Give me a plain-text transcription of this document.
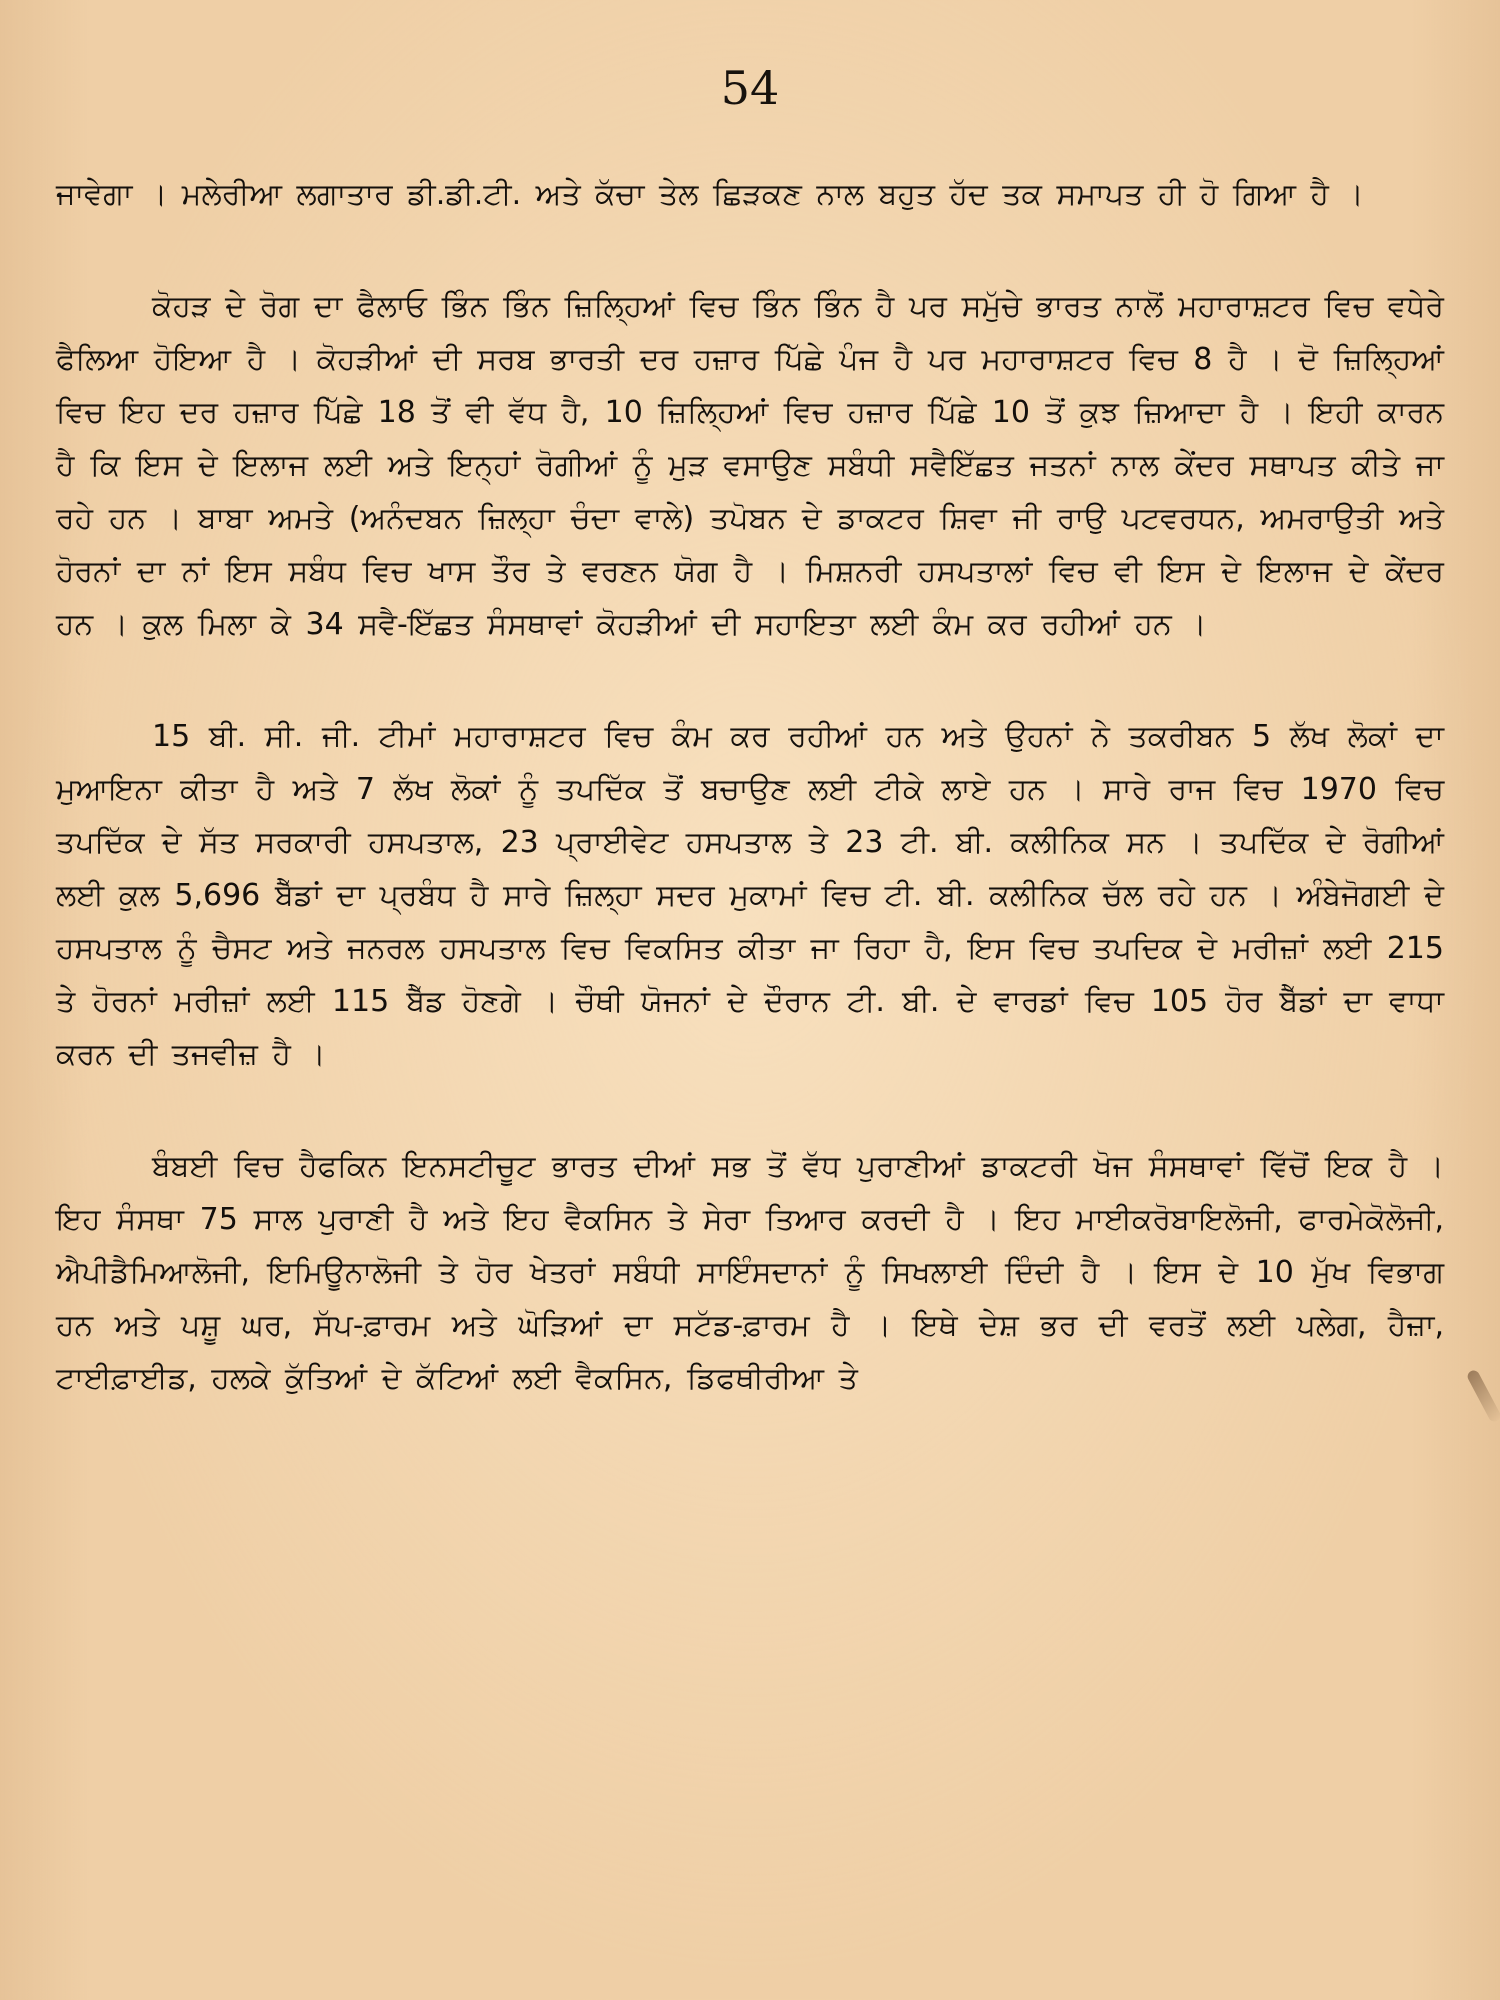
54

ਜਾਵੇਗਾ । ਮਲੇਰੀਆ ਲਗਾਤਾਰ ਡੀ.ਡੀ.ਟੀ. ਅਤੇ ਕੱਚਾ ਤੇਲ ਛਿੜਕਣ ਨਾਲ ਬਹੁਤ ਹੱਦ ਤਕ ਸਮਾਪਤ ਹੀ ਹੋ ਗਿਆ ਹੈ ।

ਕੋਹੜ ਦੇ ਰੋਗ ਦਾ ਫੈਲਾਓ ਭਿੰਨ ਭਿੰਨ ਜ਼ਿਲ੍ਹਿਆਂ ਵਿਚ ਭਿੰਨ ਭਿੰਨ ਹੈ ਪਰ ਸਮੁੱਚੇ ਭਾਰਤ ਨਾਲੋਂ ਮਹਾਰਾਸ਼ਟਰ ਵਿਚ ਵਧੇਰੇ ਫੈਲਿਆ ਹੋਇਆ ਹੈ । ਕੋਹੜੀਆਂ ਦੀ ਸਰਬ ਭਾਰਤੀ ਦਰ ਹਜ਼ਾਰ ਪਿੱਛੇ ਪੰਜ ਹੈ ਪਰ ਮਹਾਰਾਸ਼ਟਰ ਵਿਚ 8 ਹੈ । ਦੋ ਜ਼ਿਲ੍ਹਿਆਂ ਵਿਚ ਇਹ ਦਰ ਹਜ਼ਾਰ ਪਿੱਛੇ 18 ਤੋਂ ਵੀ ਵੱਧ ਹੈ, 10 ਜ਼ਿਲ੍ਹਿਆਂ ਵਿਚ ਹਜ਼ਾਰ ਪਿੱਛੇ 10 ਤੋਂ ਕੁਝ ਜ਼ਿਆਦਾ ਹੈ । ਇਹੀ ਕਾਰਨ ਹੈ ਕਿ ਇਸ ਦੇ ਇਲਾਜ ਲਈ ਅਤੇ ਇਨ੍ਹਾਂ ਰੋਗੀਆਂ ਨੂੰ ਮੁੜ ਵਸਾਉਣ ਸਬੰਧੀ ਸਵੈਇੱਛਤ ਜਤਨਾਂ ਨਾਲ ਕੇਂਦਰ ਸਥਾਪਤ ਕੀਤੇ ਜਾ ਰਹੇ ਹਨ । ਬਾਬਾ ਅਮਤੇ (ਅਨੰਦਬਨ ਜ਼ਿਲ੍ਹਾ ਚੰਦਾ ਵਾਲੇ) ਤਪੋਬਨ ਦੇ ਡਾਕਟਰ ਸ਼ਿਵਾ ਜੀ ਰਾਉ ਪਟਵਰਧਨ, ਅਮਰਾਉਤੀ ਅਤੇ ਹੋਰਨਾਂ ਦਾ ਨਾਂ ਇਸ ਸਬੰਧ ਵਿਚ ਖਾਸ ਤੌਰ ਤੇ ਵਰਣਨ ਯੋਗ ਹੈ । ਮਿਸ਼ਨਰੀ ਹਸਪਤਾਲਾਂ ਵਿਚ ਵੀ ਇਸ ਦੇ ਇਲਾਜ ਦੇ ਕੇਂਦਰ ਹਨ । ਕੁਲ ਮਿਲਾ ਕੇ 34 ਸਵੈ-ਇੱਛਤ ਸੰਸਥਾਵਾਂ ਕੋਹੜੀਆਂ ਦੀ ਸਹਾਇਤਾ ਲਈ ਕੰਮ ਕਰ ਰਹੀਆਂ ਹਨ ।

15 ਬੀ. ਸੀ. ਜੀ. ਟੀਮਾਂ ਮਹਾਰਾਸ਼ਟਰ ਵਿਚ ਕੰਮ ਕਰ ਰਹੀਆਂ ਹਨ ਅਤੇ ਉਹਨਾਂ ਨੇ ਤਕਰੀਬਨ 5 ਲੱਖ ਲੋਕਾਂ ਦਾ ਮੁਆਇਨਾ ਕੀਤਾ ਹੈ ਅਤੇ 7 ਲੱਖ ਲੋਕਾਂ ਨੂੰ ਤਪਦਿੱਕ ਤੋਂ ਬਚਾਉਣ ਲਈ ਟੀਕੇ ਲਾਏ ਹਨ । ਸਾਰੇ ਰਾਜ ਵਿਚ 1970 ਵਿਚ ਤਪਦਿੱਕ ਦੇ ਸੱਤ ਸਰਕਾਰੀ ਹਸਪਤਾਲ, 23 ਪ੍ਰਾਈਵੇਟ ਹਸਪਤਾਲ ਤੇ 23 ਟੀ. ਬੀ. ਕਲੀਨਿਕ ਸਨ । ਤਪਦਿੱਕ ਦੇ ਰੋਗੀਆਂ ਲਈ ਕੁਲ 5,696 ਬੈੱਡਾਂ ਦਾ ਪ੍ਰਬੰਧ ਹੈ ਸਾਰੇ ਜ਼ਿਲ੍ਹਾ ਸਦਰ ਮੁਕਾਮਾਂ ਵਿਚ ਟੀ. ਬੀ. ਕਲੀਨਿਕ ਚੱਲ ਰਹੇ ਹਨ । ਅੰਬੇਜੋਗਈ ਦੇ ਹਸਪਤਾਲ ਨੂੰ ਚੈਸਟ ਅਤੇ ਜਨਰਲ ਹਸਪਤਾਲ ਵਿਚ ਵਿਕਸਿਤ ਕੀਤਾ ਜਾ ਰਿਹਾ ਹੈ, ਇਸ ਵਿਚ ਤਪਦਿਕ ਦੇ ਮਰੀਜ਼ਾਂ ਲਈ 215 ਤੇ ਹੋਰਨਾਂ ਮਰੀਜ਼ਾਂ ਲਈ 115 ਬੈੱਡ ਹੋਣਗੇ । ਚੌਥੀ ਯੋਜਨਾਂ ਦੇ ਦੌਰਾਨ ਟੀ. ਬੀ. ਦੇ ਵਾਰਡਾਂ ਵਿਚ 105 ਹੋਰ ਬੈੱਡਾਂ ਦਾ ਵਾਧਾ ਕਰਨ ਦੀ ਤਜਵੀਜ਼ ਹੈ ।

ਬੰਬਈ ਵਿਚ ਹੈਫਕਿਨ ਇਨਸਟੀਚੂਟ ਭਾਰਤ ਦੀਆਂ ਸਭ ਤੋਂ ਵੱਧ ਪੁਰਾਣੀਆਂ ਡਾਕਟਰੀ ਖੋਜ ਸੰਸਥਾਵਾਂ ਵਿੱਚੋਂ ਇਕ ਹੈ । ਇਹ ਸੰਸਥਾ 75 ਸਾਲ ਪੁਰਾਣੀ ਹੈ ਅਤੇ ਇਹ ਵੈਕਸਿਨ ਤੇ ਸੇਰਾ ਤਿਆਰ ਕਰਦੀ ਹੈ । ਇਹ ਮਾਈਕਰੋਬਾਇਲੋਜੀ, ਫਾਰਮੇਕੋਲੋਜੀ, ਐਪੀਡੈਮਿਆਲੋਜੀ, ਇਮਿਊਨਾਲੋਜੀ ਤੇ ਹੋਰ ਖੇਤਰਾਂ ਸਬੰਧੀ ਸਾਇੰਸਦਾਨਾਂ ਨੂੰ ਸਿਖਲਾਈ ਦਿੰਦੀ ਹੈ । ਇਸ ਦੇ 10 ਮੁੱਖ ਵਿਭਾਗ ਹਨ ਅਤੇ ਪਸ਼ੂ ਘਰ, ਸੱਪ-ਫ਼ਾਰਮ ਅਤੇ ਘੋੜਿਆਂ ਦਾ ਸਟੱਡ-ਫ਼ਾਰਮ ਹੈ । ਇਥੇ ਦੇਸ਼ ਭਰ ਦੀ ਵਰਤੋਂ ਲਈ ਪਲੇਗ, ਹੈਜ਼ਾ, ਟਾਈਫ਼ਾਈਡ, ਹਲਕੇ ਕੁੱਤਿਆਂ ਦੇ ਕੱਟਿਆਂ ਲਈ ਵੈਕਸਿਨ, ਡਿਫਥੀਰੀਆ ਤੇ
